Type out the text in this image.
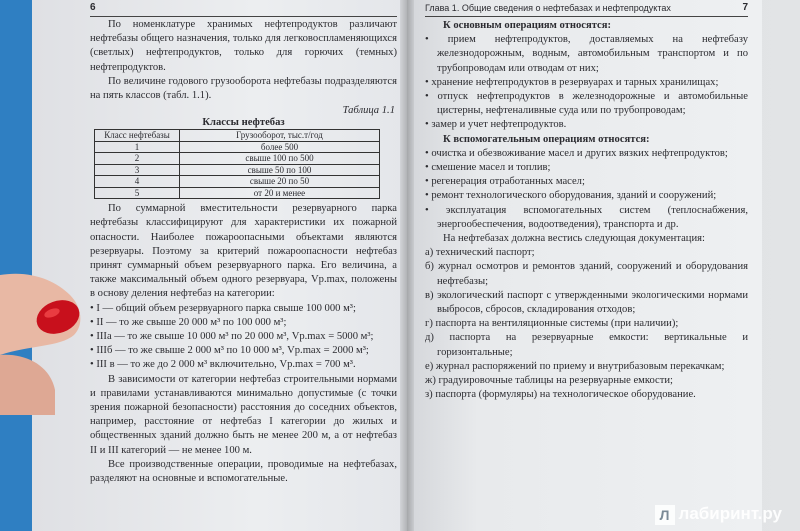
6

По номенклатуре хранимых нефтепродуктов различают нефтебазы общего назначения, только для легковоспламеняющихся (светлых) нефтепродуктов, только для горючих (темных) нефтепродуктов.

По величине годового грузооборота нефтебазы подразделяются на пять классов (табл. 1.1).

Таблица 1.1
Классы нефтебаз
Класс нефтебазы	Грузооборот, тыс.т/год
1	более 500
2	свыше 100 по 500
3	свыше 50 по 100
4	свыше 20 по 50
5	от 20 и менее

По суммарной вместительности резервуарного парка нефтебазы классифицируют для характеристики их пожарной опасности. Наиболее пожароопасными объектами являются резервуары. Поэтому за критерий пожароопасности нефтебаз принят суммарный объем резервуарного парка. Его величина, а также максимальный объем одного резервуара, Vр.max, положены в основу деления нефтебаз на категории:

• I — общий объем резервуарного парка свыше 100 000 м³;
• II — то же свыше 20 000 м³ по 100 000 м³;
• IIIа — то же свыше 10 000 м³ по 20 000 м³, Vр.max = 5000 м³;
• IIIб — то же свыше 2 000 м³ по 10 000 м³, Vр.max = 2000 м³;
• III в — то же до 2 000 м³ включительно, Vр.max = 700 м³.

В зависимости от категории нефтебаз строительными нормами и правилами устанавливаются минимально допустимые (с точки зрения пожарной безопасности) расстояния до соседних объектов, например, расстояние от нефтебаз I категории до жилых и общественных зданий должно быть не менее 200 м, а от нефтебаз II и III категорий — не менее 100 м.

Все производственные операции, проводимые на нефтебазах, разделяют на основные и вспомогательные.

Глава 1. Общие сведения о нефтебазах и нефтепродуктах	7

К основным операциям относятся:

• прием нефтепродуктов, доставляемых на нефтебазу железнодорожным, водным, автомобильным транспортом и по трубопроводам или отводам от них;
• хранение нефтепродуктов в резервуарах и тарных хранилищах;
• отпуск нефтепродуктов в железнодорожные и автомобильные цистерны, нефтеналивные суда или по трубопроводам;
• замер и учет нефтепродуктов.

К вспомогательным операциям относятся:

• очистка и обезвоживание масел и других вязких нефтепродуктов;
• смешение масел и топлив;
• регенерация отработанных масел;
• ремонт технологического оборудования, зданий и сооружений;
• эксплуатация вспомогательных систем (теплоснабжения, энергообеспечения, водоотведения), транспорта и др.

На нефтебазах должна вестись следующая документация:

а) технический паспорт;
б) журнал осмотров и ремонтов зданий, сооружений и оборудования нефтебазы;
в) экологический паспорт с утвержденными экологическими нормами выбросов, сбросов, складирования отходов;
г) паспорта на вентиляционные системы (при наличии);
д) паспорта на резервуарные емкости: вертикальные и горизонтальные;
е) журнал распоряжений по приему и внутрибазовым перекачкам;
ж) градуировочные таблицы на резервуарные емкости;
з) паспорта (формуляры) на технологическое оборудование.
Л лабиринт.ру
